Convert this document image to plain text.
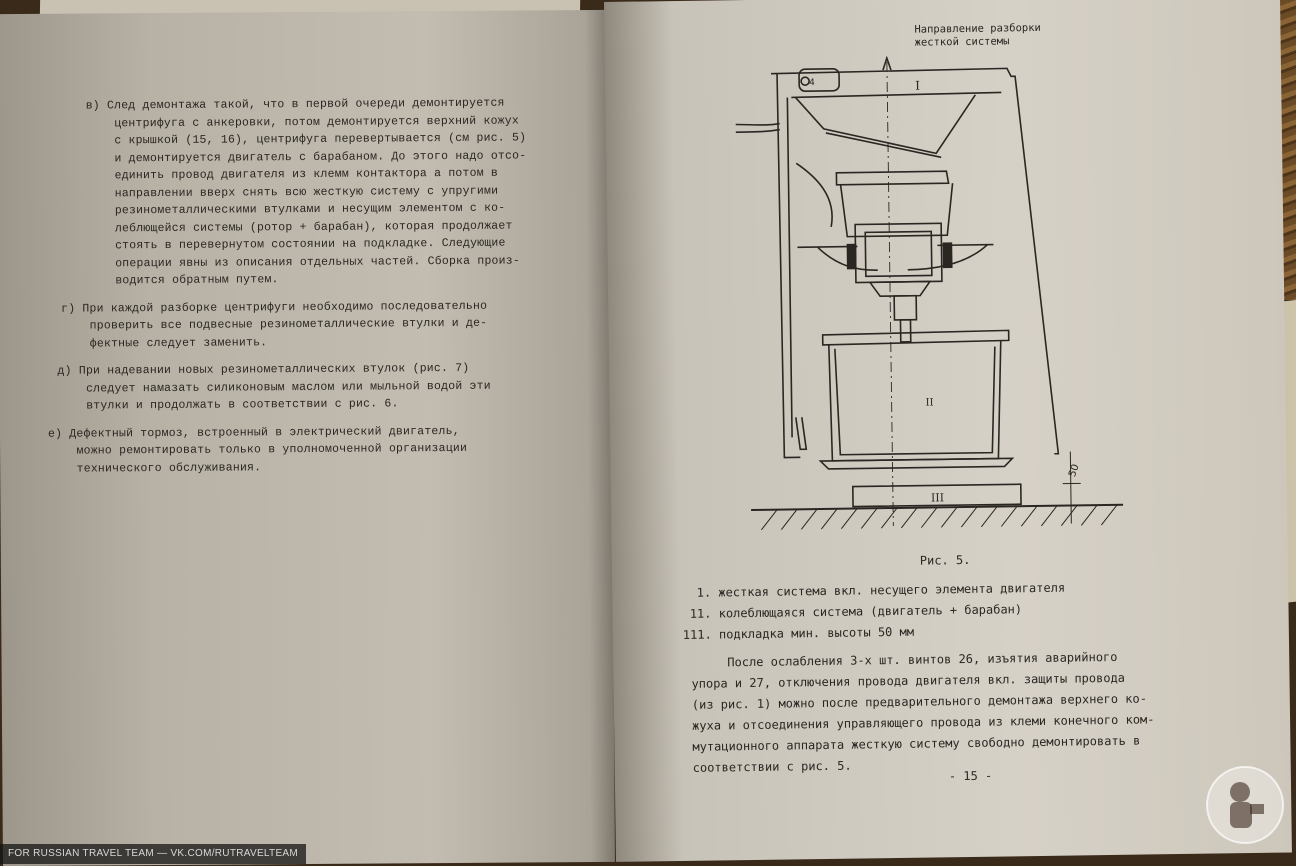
в) След демонтажа такой, что в первой очереди демонтируется
центрифуга с анкеровки, потом демонтируется верхний кожух
с крышкой (15, 16), центрифуга перевертывается (см рис. 5)
и демонтируется двигатель с барабаном. До этого надо отсо-
единить провод двигателя из клемм контактора а потом в
направлении вверх снять всю жесткую систему с упругими
резинометаллическими втулками и несущим элементом с ко-
леблющейся системы (ротор + барабан), которая продолжает
стоять в перевернутом состоянии на подкладке. Следующие
операции явны из описания отдельных частей. Сборка произ-
водится обратным путем.
г) При каждой разборке центрифуги необходимо последовательно
проверить все подвесные резинометаллические втулки и де-
фектные следует заменить.
д) При надевании новых резинометаллических втулок (рис. 7)
следует намазать силиконовым маслом или мыльной водой эти
втулки и продолжать в соответствии с рис. 6.
е) Дефектный тормоз, встроенный в электрический двигатель,
можно ремонтировать только в уполномоченной организации
технического обслуживания.
Направление разборки
жесткой системы
I
II
III
50
4
Рис. 5.
1. жесткая система вкл. несущего элемента двигателя
11. колеблющаяся система (двигатель + барабан)
111. подкладка мин. высоты 50 мм
После ослабления 3-х шт. винтов 26, изъятия аварийного
упора и 27, отключения провода двигателя вкл. защиты провода
(из рис. 1) можно после предварительного демонтажа верхнего ко-
жуха и отсоединения управляющего провода из клеми конечного ком-
мутационного аппарата жесткую систему свободно демонтировать в
соответствии с рис. 5.
- 15 -
FOR RUSSIAN TRAVEL TEAM — VK.COM/RUTRAVELTEAM
